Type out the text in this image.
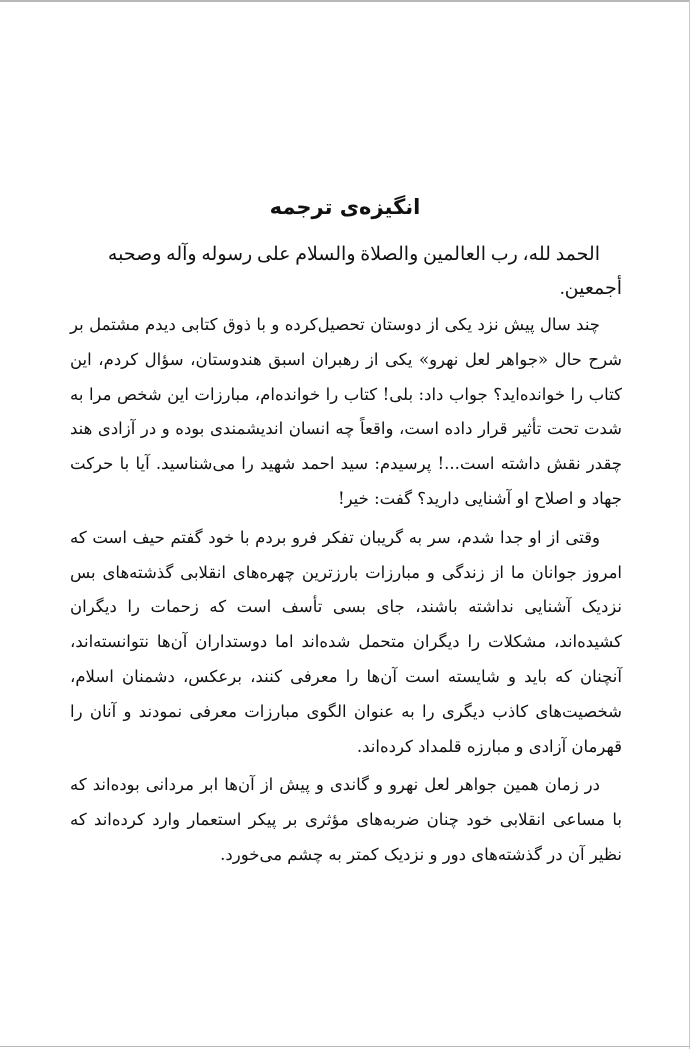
انگیزه‌ی ترجمه

الحمد لله، رب العالمین والصلاة والسلام علی رسوله وآله وصحبه أجمعین.

چند سال پیش نزد یکی از دوستان تحصیل‌کرده و با ذوق کتابی دیدم مشتمل بر شرح حال «جواهر لعل نهرو» یکی از رهبران اسبق هندوستان، سؤال کردم، این کتاب را خوانده‌اید؟ جواب داد: بلی! کتاب را خوانده‌ام، مبارزات این شخص مرا به شدت تحت تأثیر قرار داده است، واقعاً چه انسان اندیشمندی بوده و در آزادی هند چقدر نقش داشته است...! پرسیدم: سید احمد شهید را می‌شناسید. آیا با حرکت جهاد و اصلاح او آشنایی دارید؟ گفت: خیر!

وقتی از او جدا شدم، سر به گریبان تفکر فرو بردم با خود گفتم حیف است که امروز جوانان ما از زندگی و مبارزات بارزترین چهره‌های انقلابی گذشته‌های بس نزدیک آشنایی نداشته باشند، جای بسی تأسف است که زحمات را دیگران کشیده‌اند، مشکلات را دیگران متحمل شده‌اند اما دوستداران آن‌ها نتوانسته‌اند، آنچنان که باید و شایسته است آن‌ها را معرفی کنند، برعکس، دشمنان اسلام، شخصیت‌های کاذب دیگری را به عنوان الگوی مبارزات معرفی نمودند و آنان را قهرمان آزادی و مبارزه قلمداد کرده‌اند.

در زمان همین جواهر لعل نهرو و گاندی و پیش از آن‌ها ابر مردانی بوده‌اند که با مساعی انقلابی خود چنان ضربه‌های مؤثری بر پیکر استعمار وارد کرده‌اند که نظیر آن در گذشته‌های دور و نزدیک کمتر به چشم می‌خورد.
